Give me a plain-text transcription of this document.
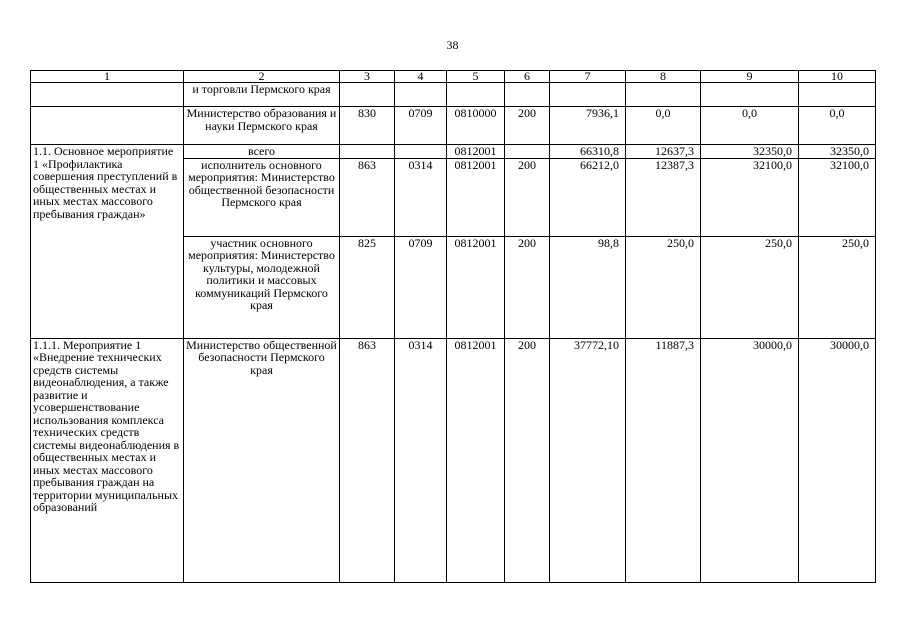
38
1	2	3	4	5	6	7	8	9	10
	и торговли Пермского края								
	Министерство образования и науки Пермского края	830	0709	0810000	200	7936,1	0,0	0,0	0,0
1.1. Основное мероприятие 1 «Профилактика совершения преступлений в общественных местах и иных местах массового пребывания граждан»	всего			0812001		66310,8	12637,3	32350,0	32350,0
	исполнитель основного мероприятия: Министерство общественной безопасности Пермского края	863	0314	0812001	200	66212,0	12387,3	32100,0	32100,0
	участник основного мероприятия: Министерство культуры, молодежной политики и массовых коммуникаций Пермского края	825	0709	0812001	200	98,8	250,0	250,0	250,0
1.1.1. Мероприятие 1 «Внедрение технических средств системы видеонаблюдения, а также развитие и усовершенствование использования комплекса технических средств системы видеонаблюдения в общественных местах и иных местах массового пребывания граждан на территории муниципальных образований	Министерство общественной безопасности Пермского края	863	0314	0812001	200	37772,10	11887,3	30000,0	30000,0
